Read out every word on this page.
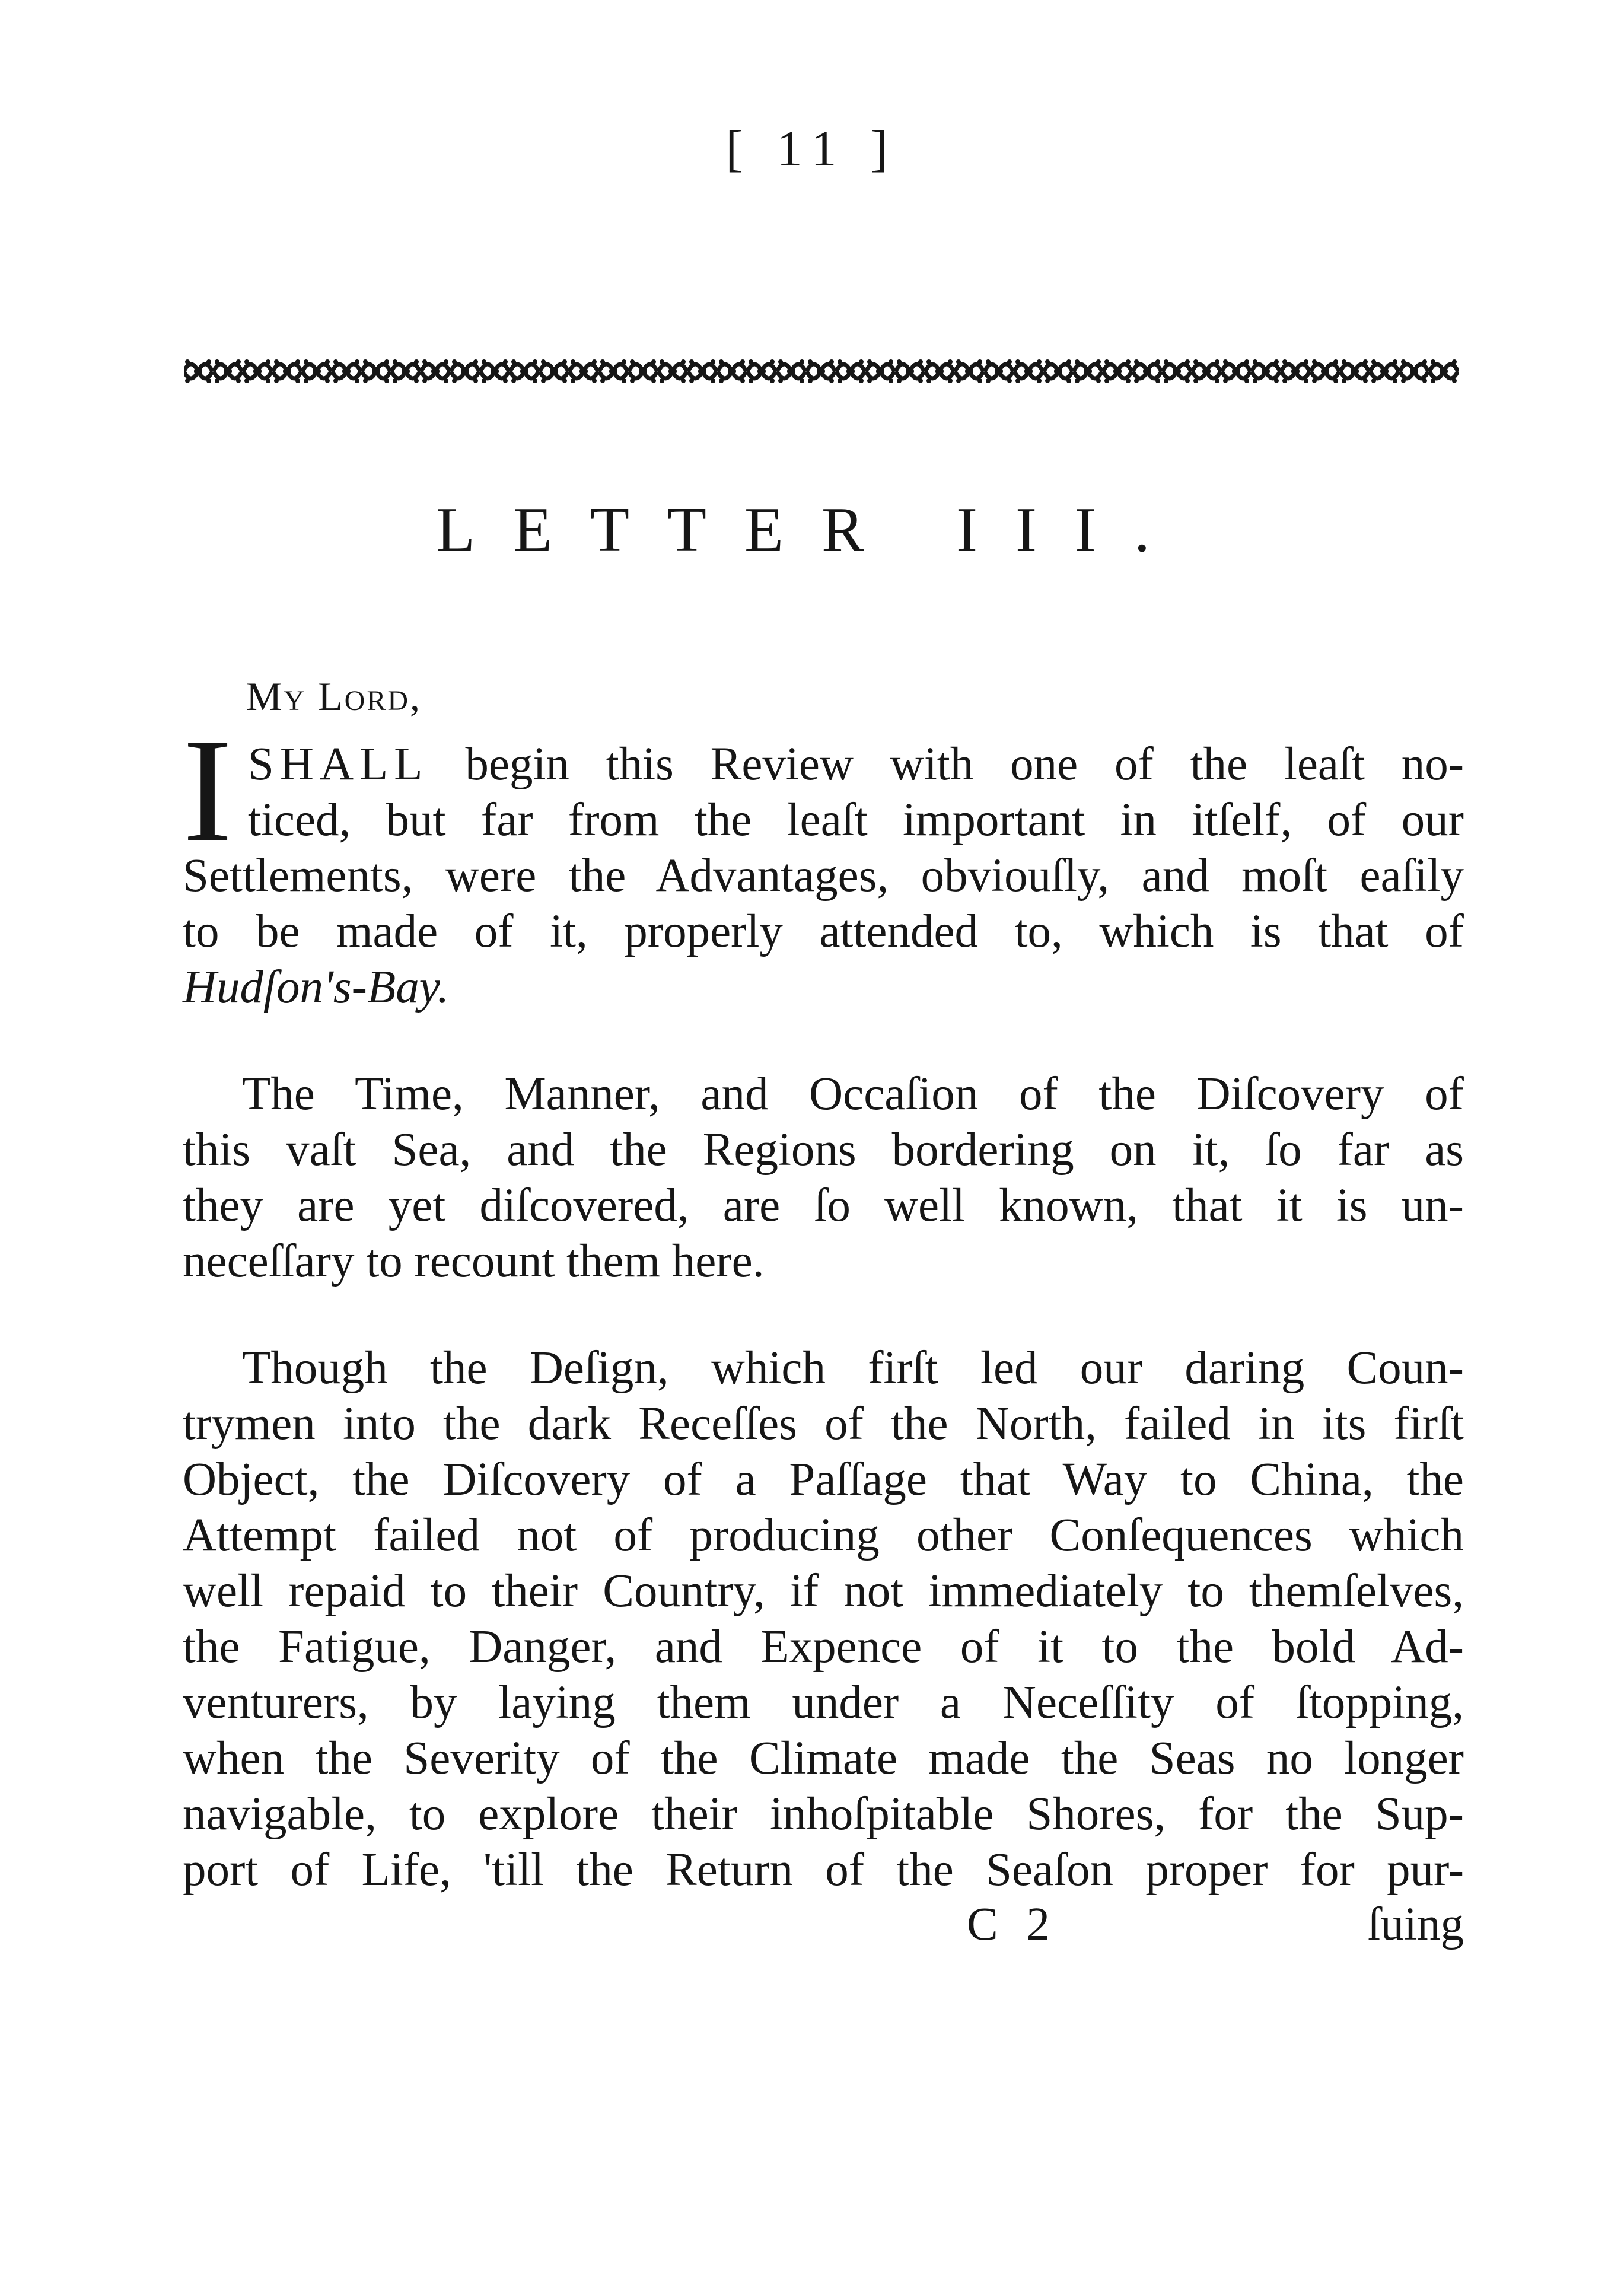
[ 11 ]
LETTER III.
My Lord,
I SHALL begin this Review with one of the leaſt no-
ticed, but far from the leaſt important in itſelf, of our
Settlements, were the Advantages, obviouſly, and moſt eaſily
to be made of it, properly attended to, which is that of
Hudſon's-Bay.
The Time, Manner, and Occaſion of the Diſcovery of
this vaſt Sea, and the Regions bordering on it, ſo far as
they are yet diſcovered, are ſo well known, that it is un-
neceſſary to recount them here.
Though the Deſign, which firſt led our daring Coun-
trymen into the dark Receſſes of the North, failed in its firſt
Object, the Diſcovery of a Paſſage that Way to China, the
Attempt failed not of producing other Conſequences which
well repaid to their Country, if not immediately to themſelves,
the Fatigue, Danger, and Expence of it to the bold Ad-
venturers, by laying them under a Neceſſity of ſtopping,
when the Severity of the Climate made the Seas no longer
navigable, to explore their inhoſpitable Shores, for the Sup-
port of Life, 'till the Return of the Seaſon proper for pur-
C 2	ſuing
